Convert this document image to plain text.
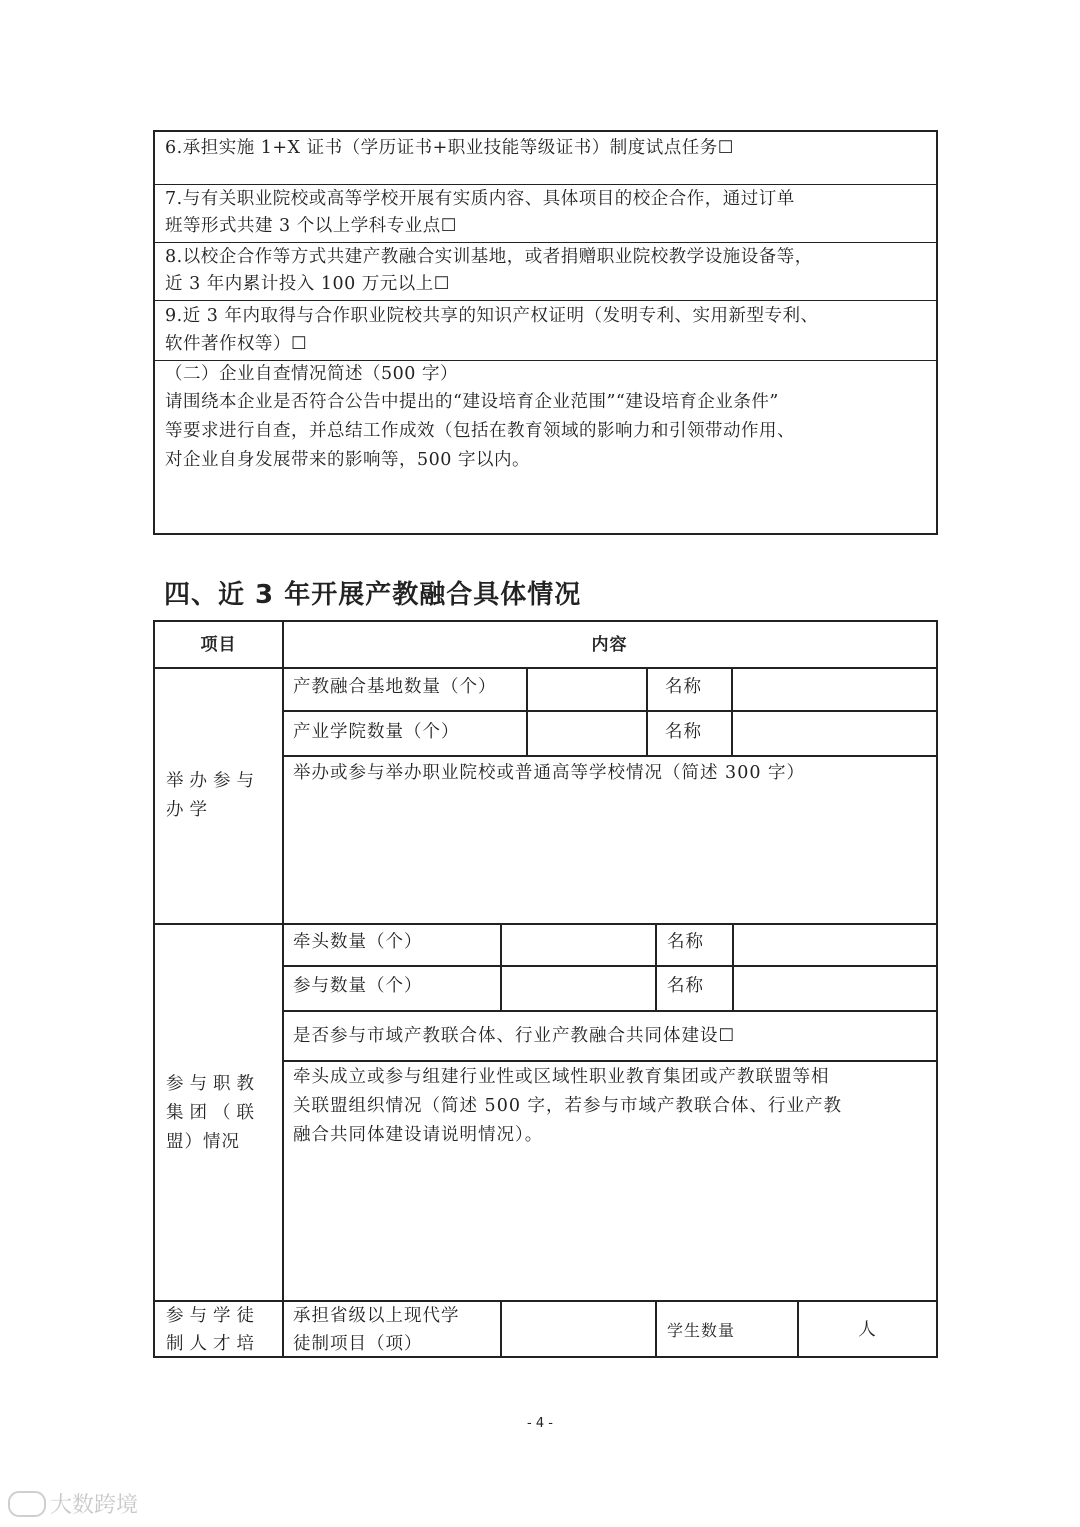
6.承担实施 1+X 证书（学历证书+职业技能等级证书）制度试点任务☐
7.与有关职业院校或高等学校开展有实质内容、具体项目的校企合作，通过订单
班等形式共建 3 个以上学科专业点☐
8.以校企合作等方式共建产教融合实训基地，或者捐赠职业院校教学设施设备等，
近 3 年内累计投入 100 万元以上☐
9.近 3 年内取得与合作职业院校共享的知识产权证明（发明专利、实用新型专利、
软件著作权等）☐
（二）企业自查情况简述（500 字）
请围绕本企业是否符合公告中提出的“建设培育企业范围”“建设培育企业条件”
等要求进行自查，并总结工作成效（包括在教育领域的影响力和引领带动作用、
对企业自身发展带来的影响等，500 字以内。
四、近 3 年开展产教融合具体情况
项目	内容
举办参与
办学
产教融合基地数量（个）	名称
产业学院数量（个）	名称
举办或参与举办职业院校或普通高等学校情况（简述 300 字）
参与职教
集团（联
盟）情况
牵头数量（个）	名称
参与数量（个）	名称
是否参与市域产教联合体、行业产教融合共同体建设☐
牵头成立或参与组建行业性或区域性职业教育集团或产教联盟等相
关联盟组织情况（简述 500 字，若参与市域产教联合体、行业产教
融合共同体建设请说明情况）。
参与学徒
制人才培
承担省级以上现代学
徒制项目（项）
学生数量	人
- 4 -
大数跨境
